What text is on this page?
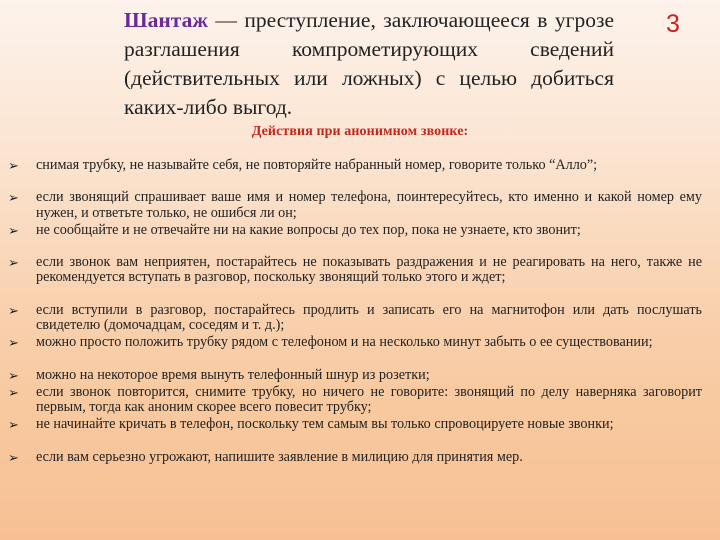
Шантаж — преступление, заключающееся в угрозе разглашения компрометирующих сведений (действительных или ложных) с целью добиться каких-либо выгод.
3
Действия при анонимном звонке:
➢ снимая трубку, не называйте себя, не повторяйте набранный номер, говорите только “Алло”;
➢ если звонящий спрашивает ваше имя и номер телефона, поинтересуйтесь, кто именно и какой номер ему нужен, и ответьте только, не ошибся ли он;
➢ не сообщайте и не отвечайте ни на какие вопросы до тех пор, пока не узнаете, кто звонит;
➢ если звонок вам неприятен, постарайтесь не показывать раздражения и не реагировать на него, также не рекомендуется вступать в разговор, поскольку звонящий только этого и ждет;
➢ если вступили в разговор, постарайтесь продлить и записать его на магнитофон или дать послушать свидетелю (домочадцам, соседям и т. д.);
➢ можно просто положить трубку рядом с телефоном и на несколько минут забыть о ее существовании;
➢ можно на некоторое время вынуть телефонный шнур из розетки;
➢ если звонок повторится, снимите трубку, но ничего не говорите: звонящий по делу наверняка заговорит первым, тогда как аноним скорее всего повесит трубку;
➢ не начинайте кричать в телефон, поскольку тем самым вы только спровоцируете новые звонки;
➢ если вам серьезно угрожают, напишите заявление в милицию для принятия мер.
